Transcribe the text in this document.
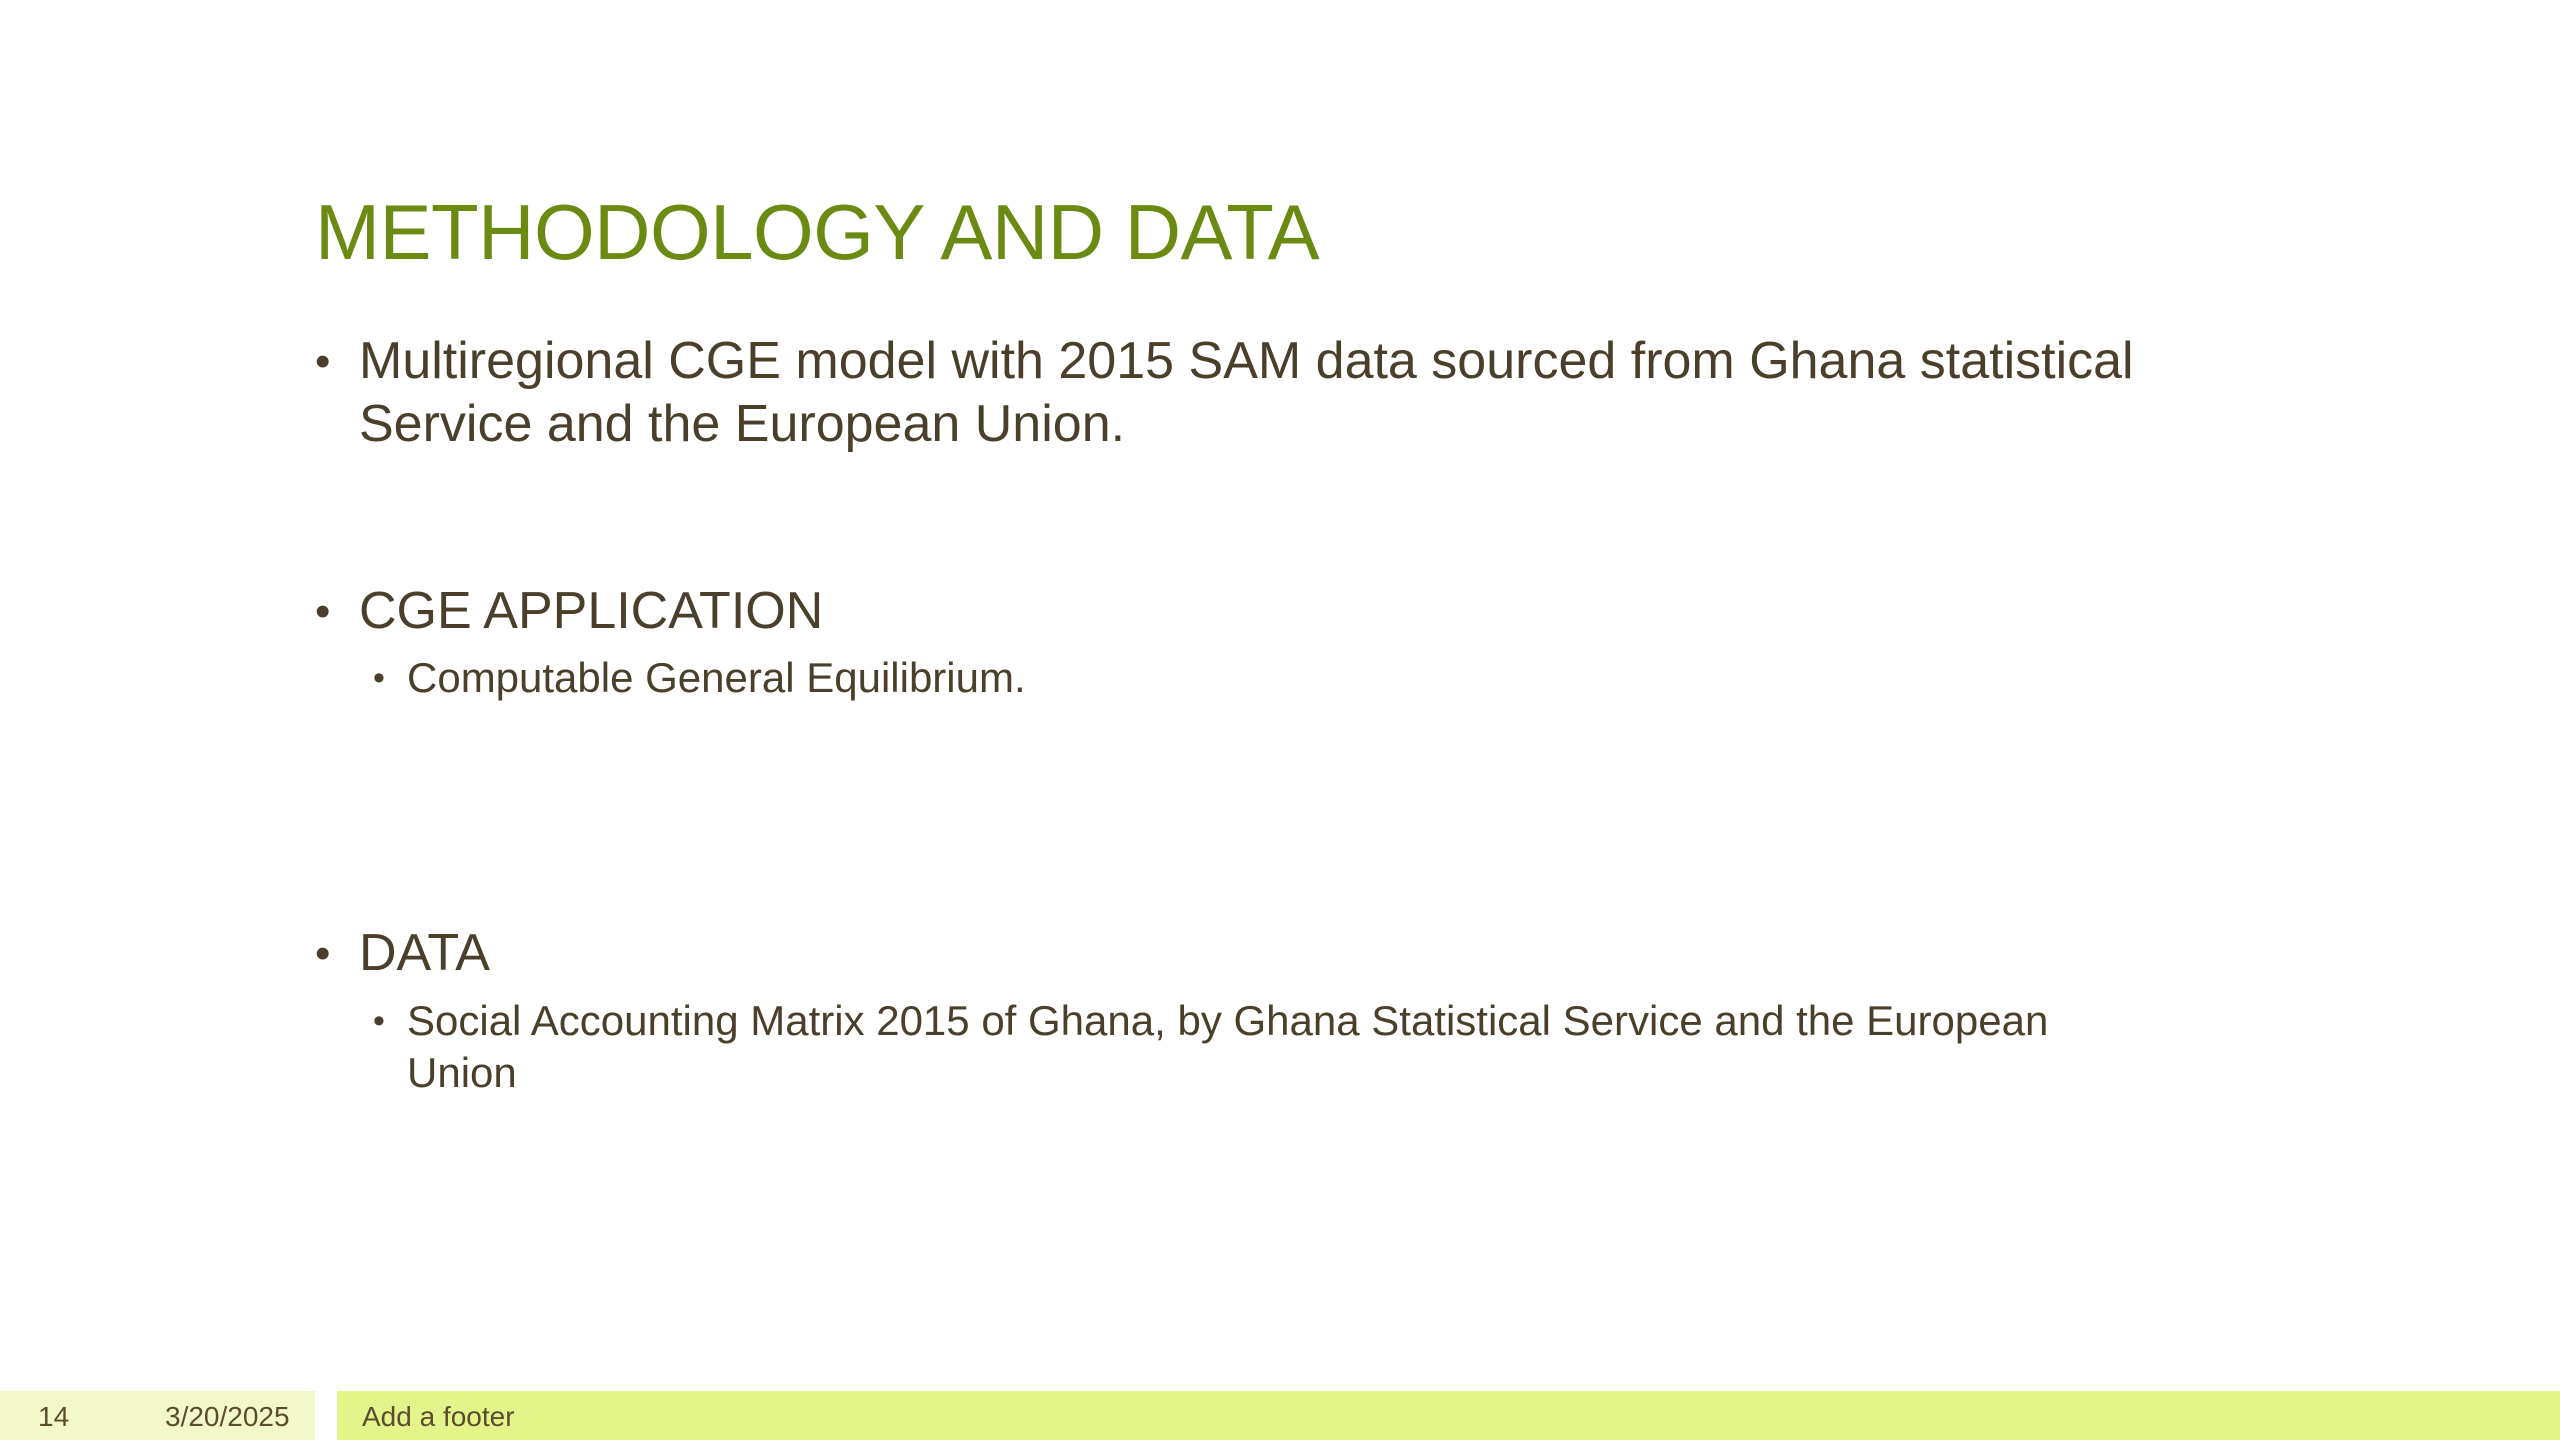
METHODOLOGY AND DATA
• Multiregional CGE model with 2015 SAM data sourced from Ghana statistical
Service and the European Union.
• CGE APPLICATION
• Computable General Equilibrium.
• DATA
• Social Accounting Matrix 2015 of Ghana, by Ghana Statistical Service and the European
Union
14	3/20/2025	Add a footer
